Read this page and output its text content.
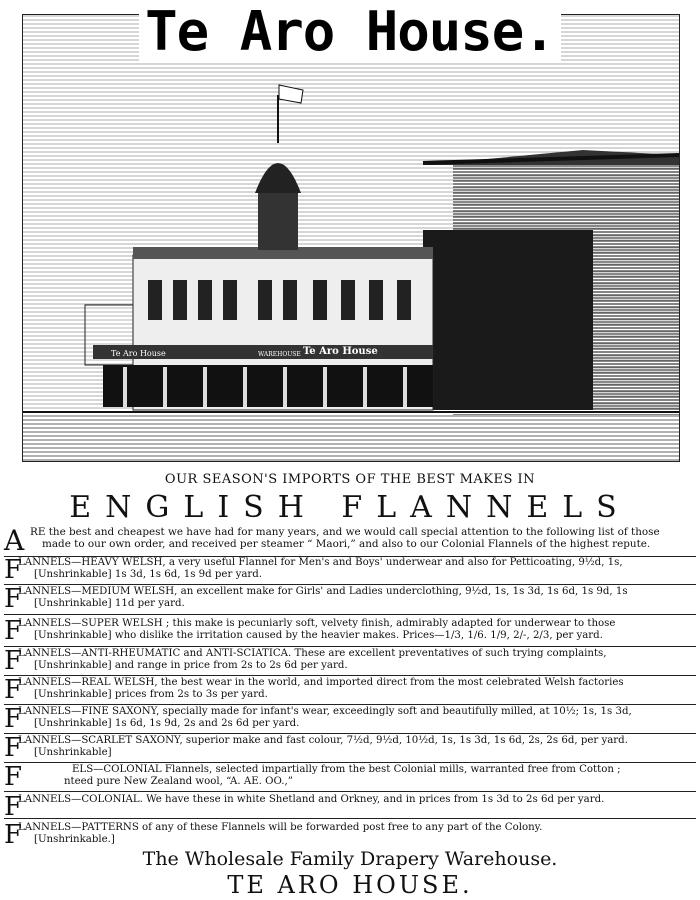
Te Aro House	Te Aro House
WAREHOUSE
Te Aro House.
OUR SEASON'S IMPORTS OF THE BEST MAKES IN
ENGLISH FLANNELS
A RE the best and cheapest we have had for many years, and we would call special attention to the following list of those
made to our own order, and received per steamer “ Maori,” and also to our Colonial Flannels of the highest repute.
F
LANNELS—HEAVY WELSH, a very useful Flannel for Men's and Boys' underwear and also for Petticoating, 9½d, 1s,
[Unshrinkable] 1s 3d, 1s 6d, 1s 9d per yard.
F
LANNELS—MEDIUM WELSH, an excellent make for Girls' and Ladies underclothing, 9½d, 1s, 1s 3d, 1s 6d, 1s 9d, 1s
[Unshrinkable] 11d per yard.
F
LANNELS—SUPER WELSH ; this make is pecuniarly soft, velvety finish, admirably adapted for underwear to those
[Unshrinkable] who dislike the irritation caused by the heavier makes. Prices—1/3, 1/6. 1/9, 2/-, 2/3, per yard.
F
LANNELS—ANTI-RHEUMATIC and ANTI-SCIATICA. These are excellent preventatives of such trying complaints,
[Unshrinkable] and range in price from 2s to 2s 6d per yard.
F
LANNELS—REAL WELSH, the best wear in the world, and imported direct from the most celebrated Welsh factories
[Unshrinkable] prices from 2s to 3s per yard.
F
LANNELS—FINE SAXONY, specially made for infant's wear, exceedingly soft and beautifully milled, at 10½; 1s, 1s 3d,
[Unshrinkable] 1s 6d, 1s 9d, 2s and 2s 6d per yard.
F
LANNELS—SCARLET SAXONY, superior make and fast colour, 7½d, 9½d, 10½d, 1s, 1s 3d, 1s 6d, 2s, 2s 6d, per yard.
[Unshrinkable]
F	ELS—COLONIAL Flannels, selected impartially from the best Colonial mills, warranted free from Cotton ;
nteed pure New Zealand wool, “A. AE. OO.,”
F
LANNELS—COLONIAL. We have these in white Shetland and Orkney, and in prices from 1s 3d to 2s 6d per yard.
F
LANNELS—PATTERNS of any of these Flannels will be forwarded post free to any part of the Colony.
[Unshrinkable.]
The Wholesale Family Drapery Warehouse.
TE ARO HOUSE.
